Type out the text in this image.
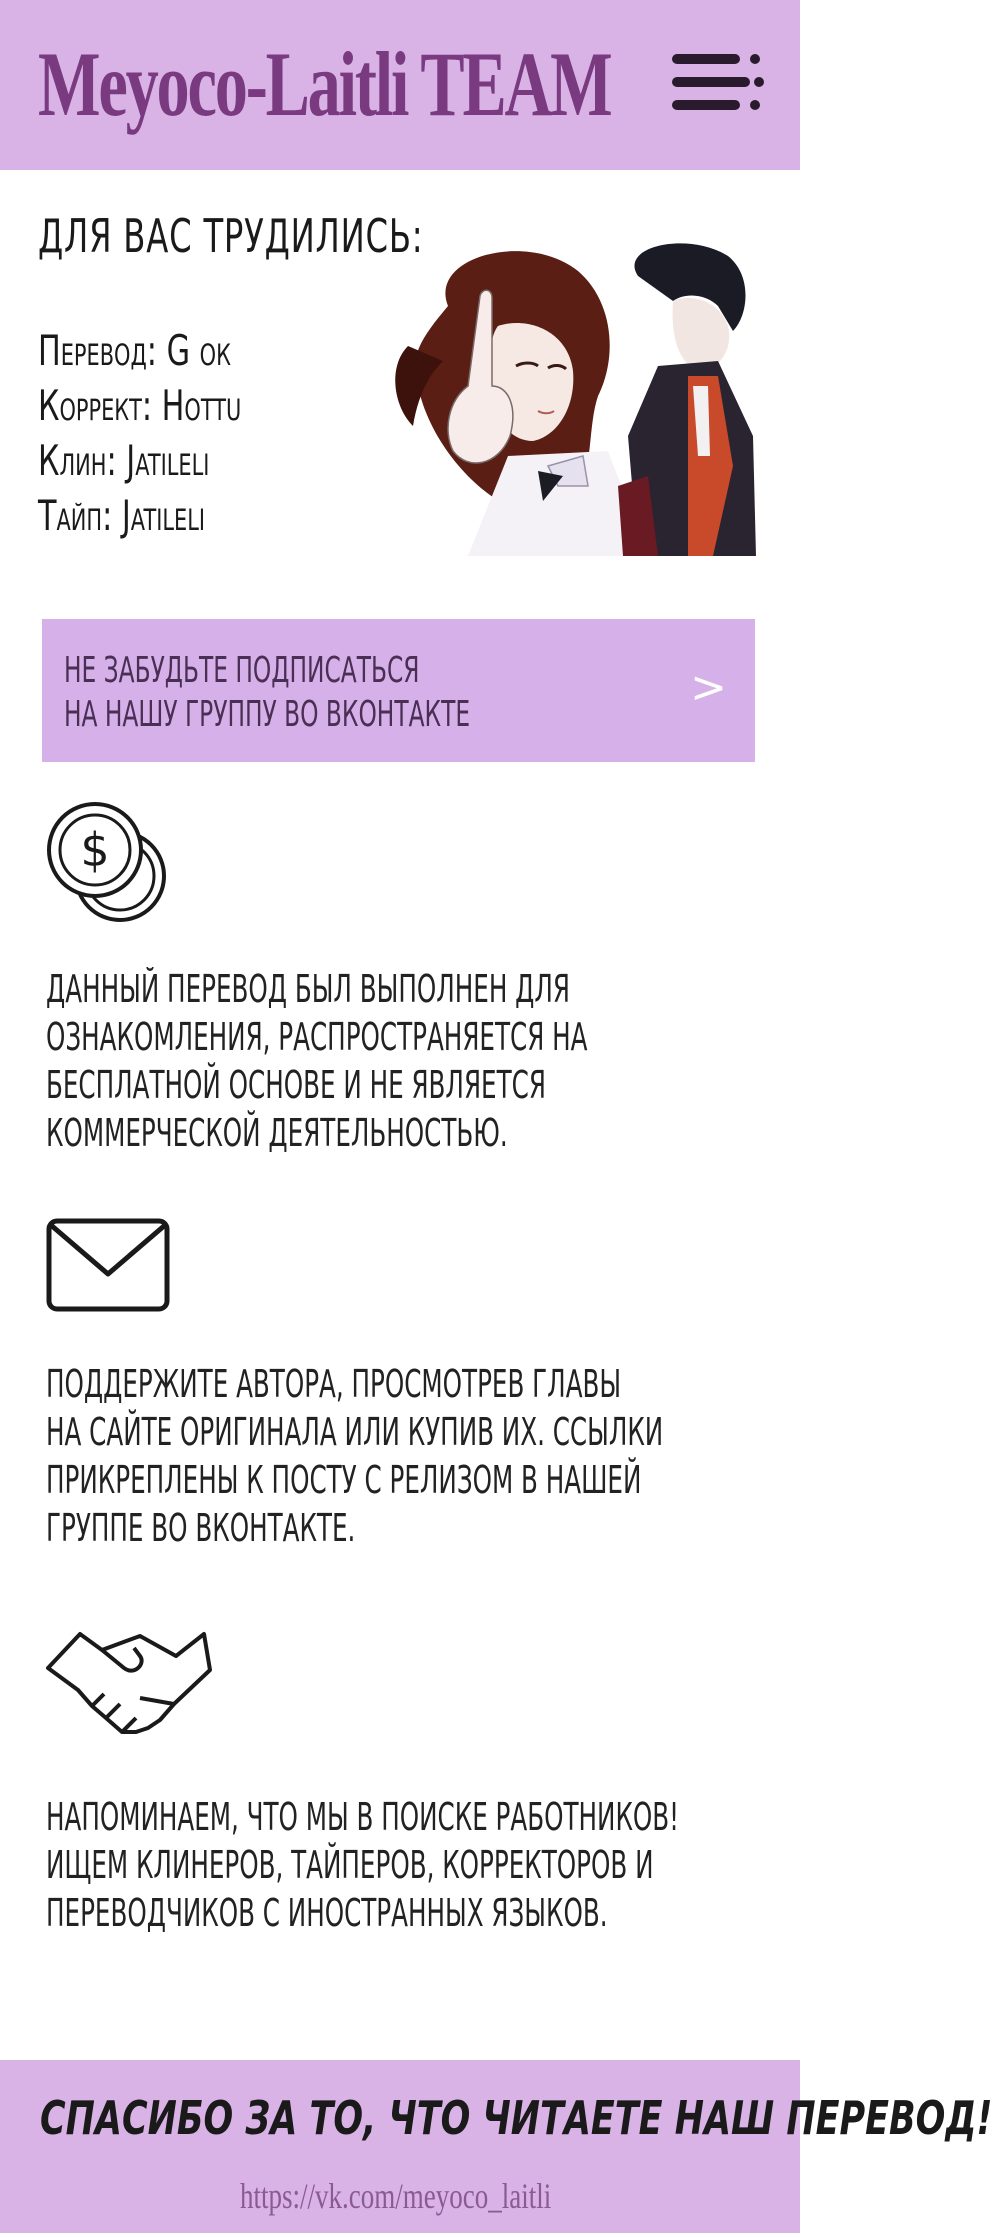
Meyoco-Laitli TEAM
ДЛЯ ВАС ТРУДИЛИСЬ:
Перевод: G ок
Коррект: Hottu
Клин: Jatileli
Тайп: Jatileli
НЕ ЗАБУДЬТЕ ПОДПИСАТЬСЯ
НА НАШУ ГРУППУ ВО ВКОНТАКТЕ
>
$

ДАННЫЙ ПЕРЕВОД БЫЛ ВЫПОЛНЕН ДЛЯ
ОЗНАКОМЛЕНИЯ, РАСПРОСТРАНЯЕТСЯ НА
БЕСПЛАТНОЙ ОСНОВЕ И НЕ ЯВЛЯЕТСЯ
КОММЕРЧЕСКОЙ ДЕЯТЕЛЬНОСТЬЮ.

ПОДДЕРЖИТЕ АВТОРА, ПРОСМОТРЕВ ГЛАВЫ
НА САЙТЕ ОРИГИНАЛА ИЛИ КУПИВ ИХ. ССЫЛКИ
ПРИКРЕПЛЕНЫ К ПОСТУ С РЕЛИЗОМ В НАШЕЙ
ГРУППЕ ВО ВКОНТАКТЕ.

НАПОМИНАЕМ, ЧТО МЫ В ПОИСКЕ РАБОТНИКОВ!
ИЩЕМ КЛИНЕРОВ, ТАЙПЕРОВ, КОРРЕКТОРОВ И
ПЕРЕВОДЧИКОВ С ИНОСТРАННЫХ ЯЗЫКОВ.

СПАСИБО ЗА ТО, ЧТО ЧИТАЕТЕ НАШ ПЕРЕВОД!
https://vk.com/meyoco_laitli
